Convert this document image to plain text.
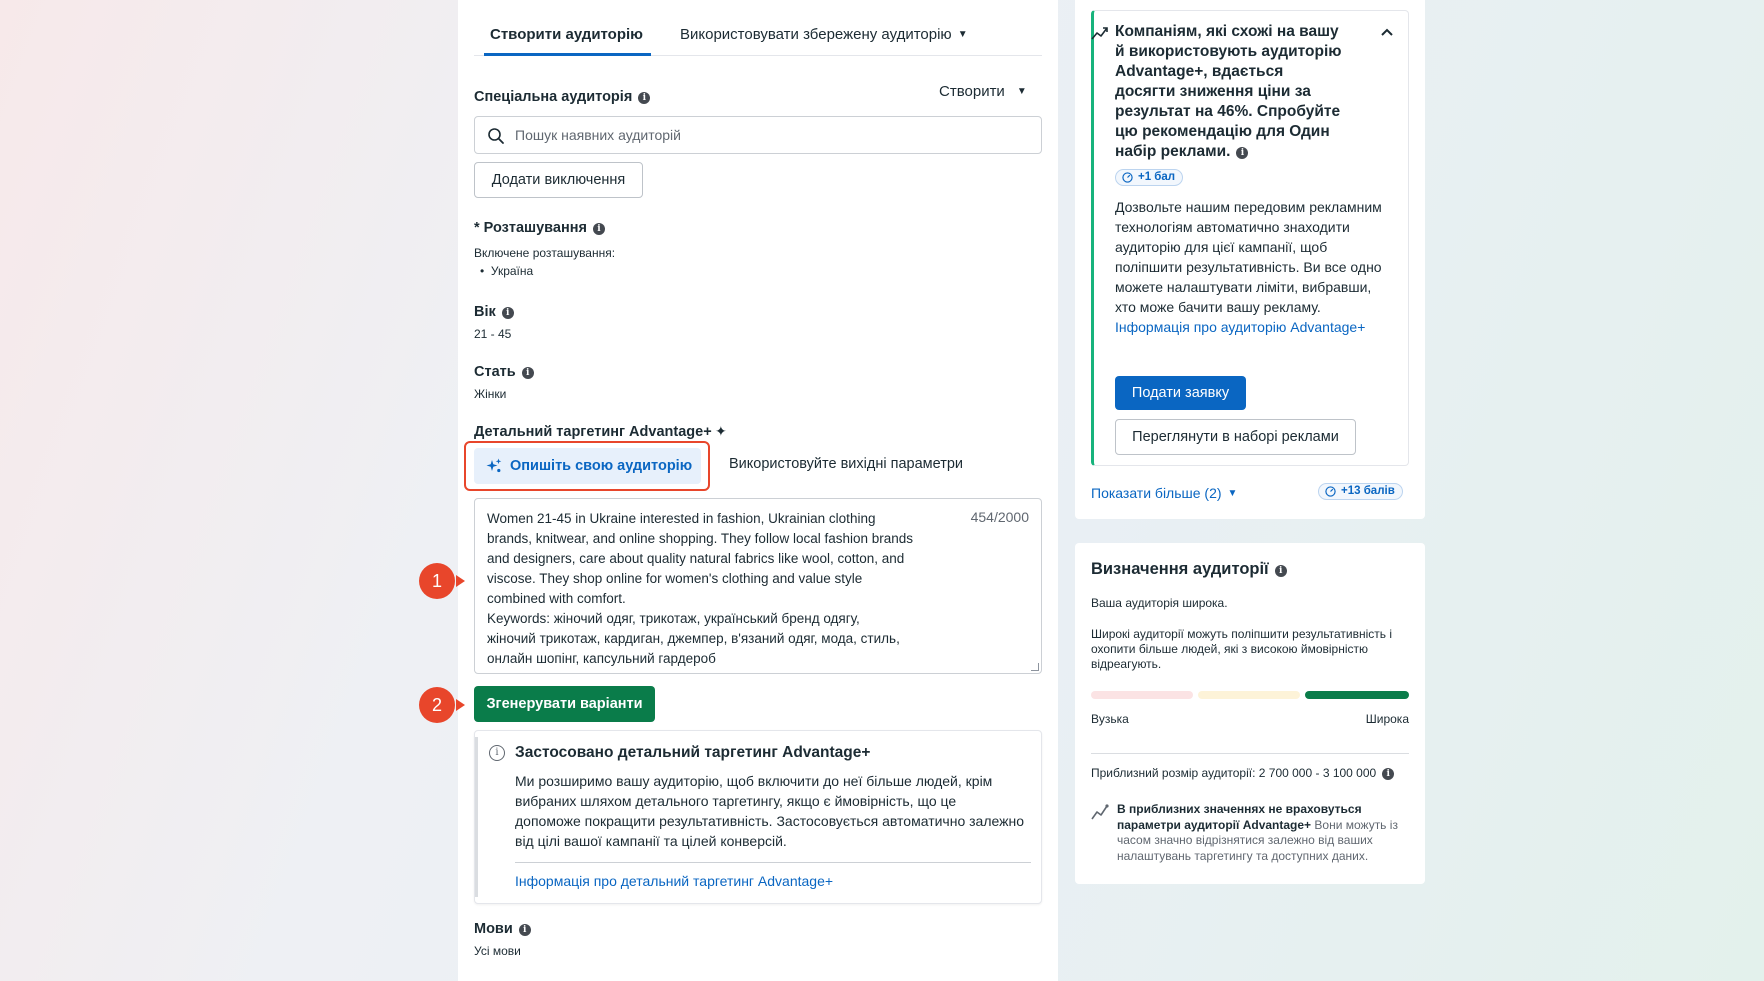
Створити аудиторію Використовувати збережену аудиторію ▼
Спеціальна аудиторія i	Створити ▼
Пошук наявних аудиторій
Додати виключення
* Розташування i
Включене розташування:
•  Україна
Вік i
21 - 45
Стать i
Жінки
Детальний таргетинг Advantage+ ✦
Опишіть свою аудиторію	Використовуйте вихідні параметри
Women 21-45 in Ukraine interested in fashion, Ukrainian clothing
brands, knitwear, and online shopping. They follow local fashion brands
and designers, care about quality natural fabrics like wool, cotton, and
viscose. They shop online for women's clothing and value style
combined with comfort.
Keywords: жіночий одяг, трикотаж, український бренд одягу,
жіночий трикотаж, кардиган, джемпер, в'язаний одяг, мода, стиль,
онлайн шопінг, капсульний гардероб
454/2000
Згенерувати варіанти
i	Застосовано детальний таргетинг Advantage+
Ми розширимо вашу аудиторію, щоб включити до неї більше людей, крім вибраних шляхом детального таргетингу, якщо є ймовірність, що це допоможе покращити результативність. Застосовується автоматично залежно від цілі вашої кампанії та цілей конверсій.
Інформація про детальний таргетинг Advantage+
Мови i
Усі мови
1
2
Компаніям, які схожі на вашу й використовують аудиторію Advantage+, вдається досягти зниження ціни за результат на 46%. Спробуйте цю рекомендацію для Один набір реклами. i
+1 бал
Дозвольте нашим передовим рекламним технологіям автоматично знаходити аудиторію для цієї кампанії, щоб поліпшити результативність. Ви все одно можете налаштувати ліміти, вибравши, хто може бачити вашу рекламу. Інформація про аудиторію Advantage+
Подати заявку
Переглянути в наборі реклами
Показати більше (2) ▼	+13 балів
Визначення аудиторії i
Ваша аудиторія широка.
Широкі аудиторії можуть поліпшити результативність і охопити більше людей, які з високою ймовірністю відреагують.
Вузька	Широка
Приблизний розмір аудиторії: 2 700 000 - 3 100 000 i
В приблизних значеннях не враховуться параметри аудиторії Advantage+ Вони можуть із часом значно відрізнятися залежно від ваших налаштувань таргетингу та доступних даних.
